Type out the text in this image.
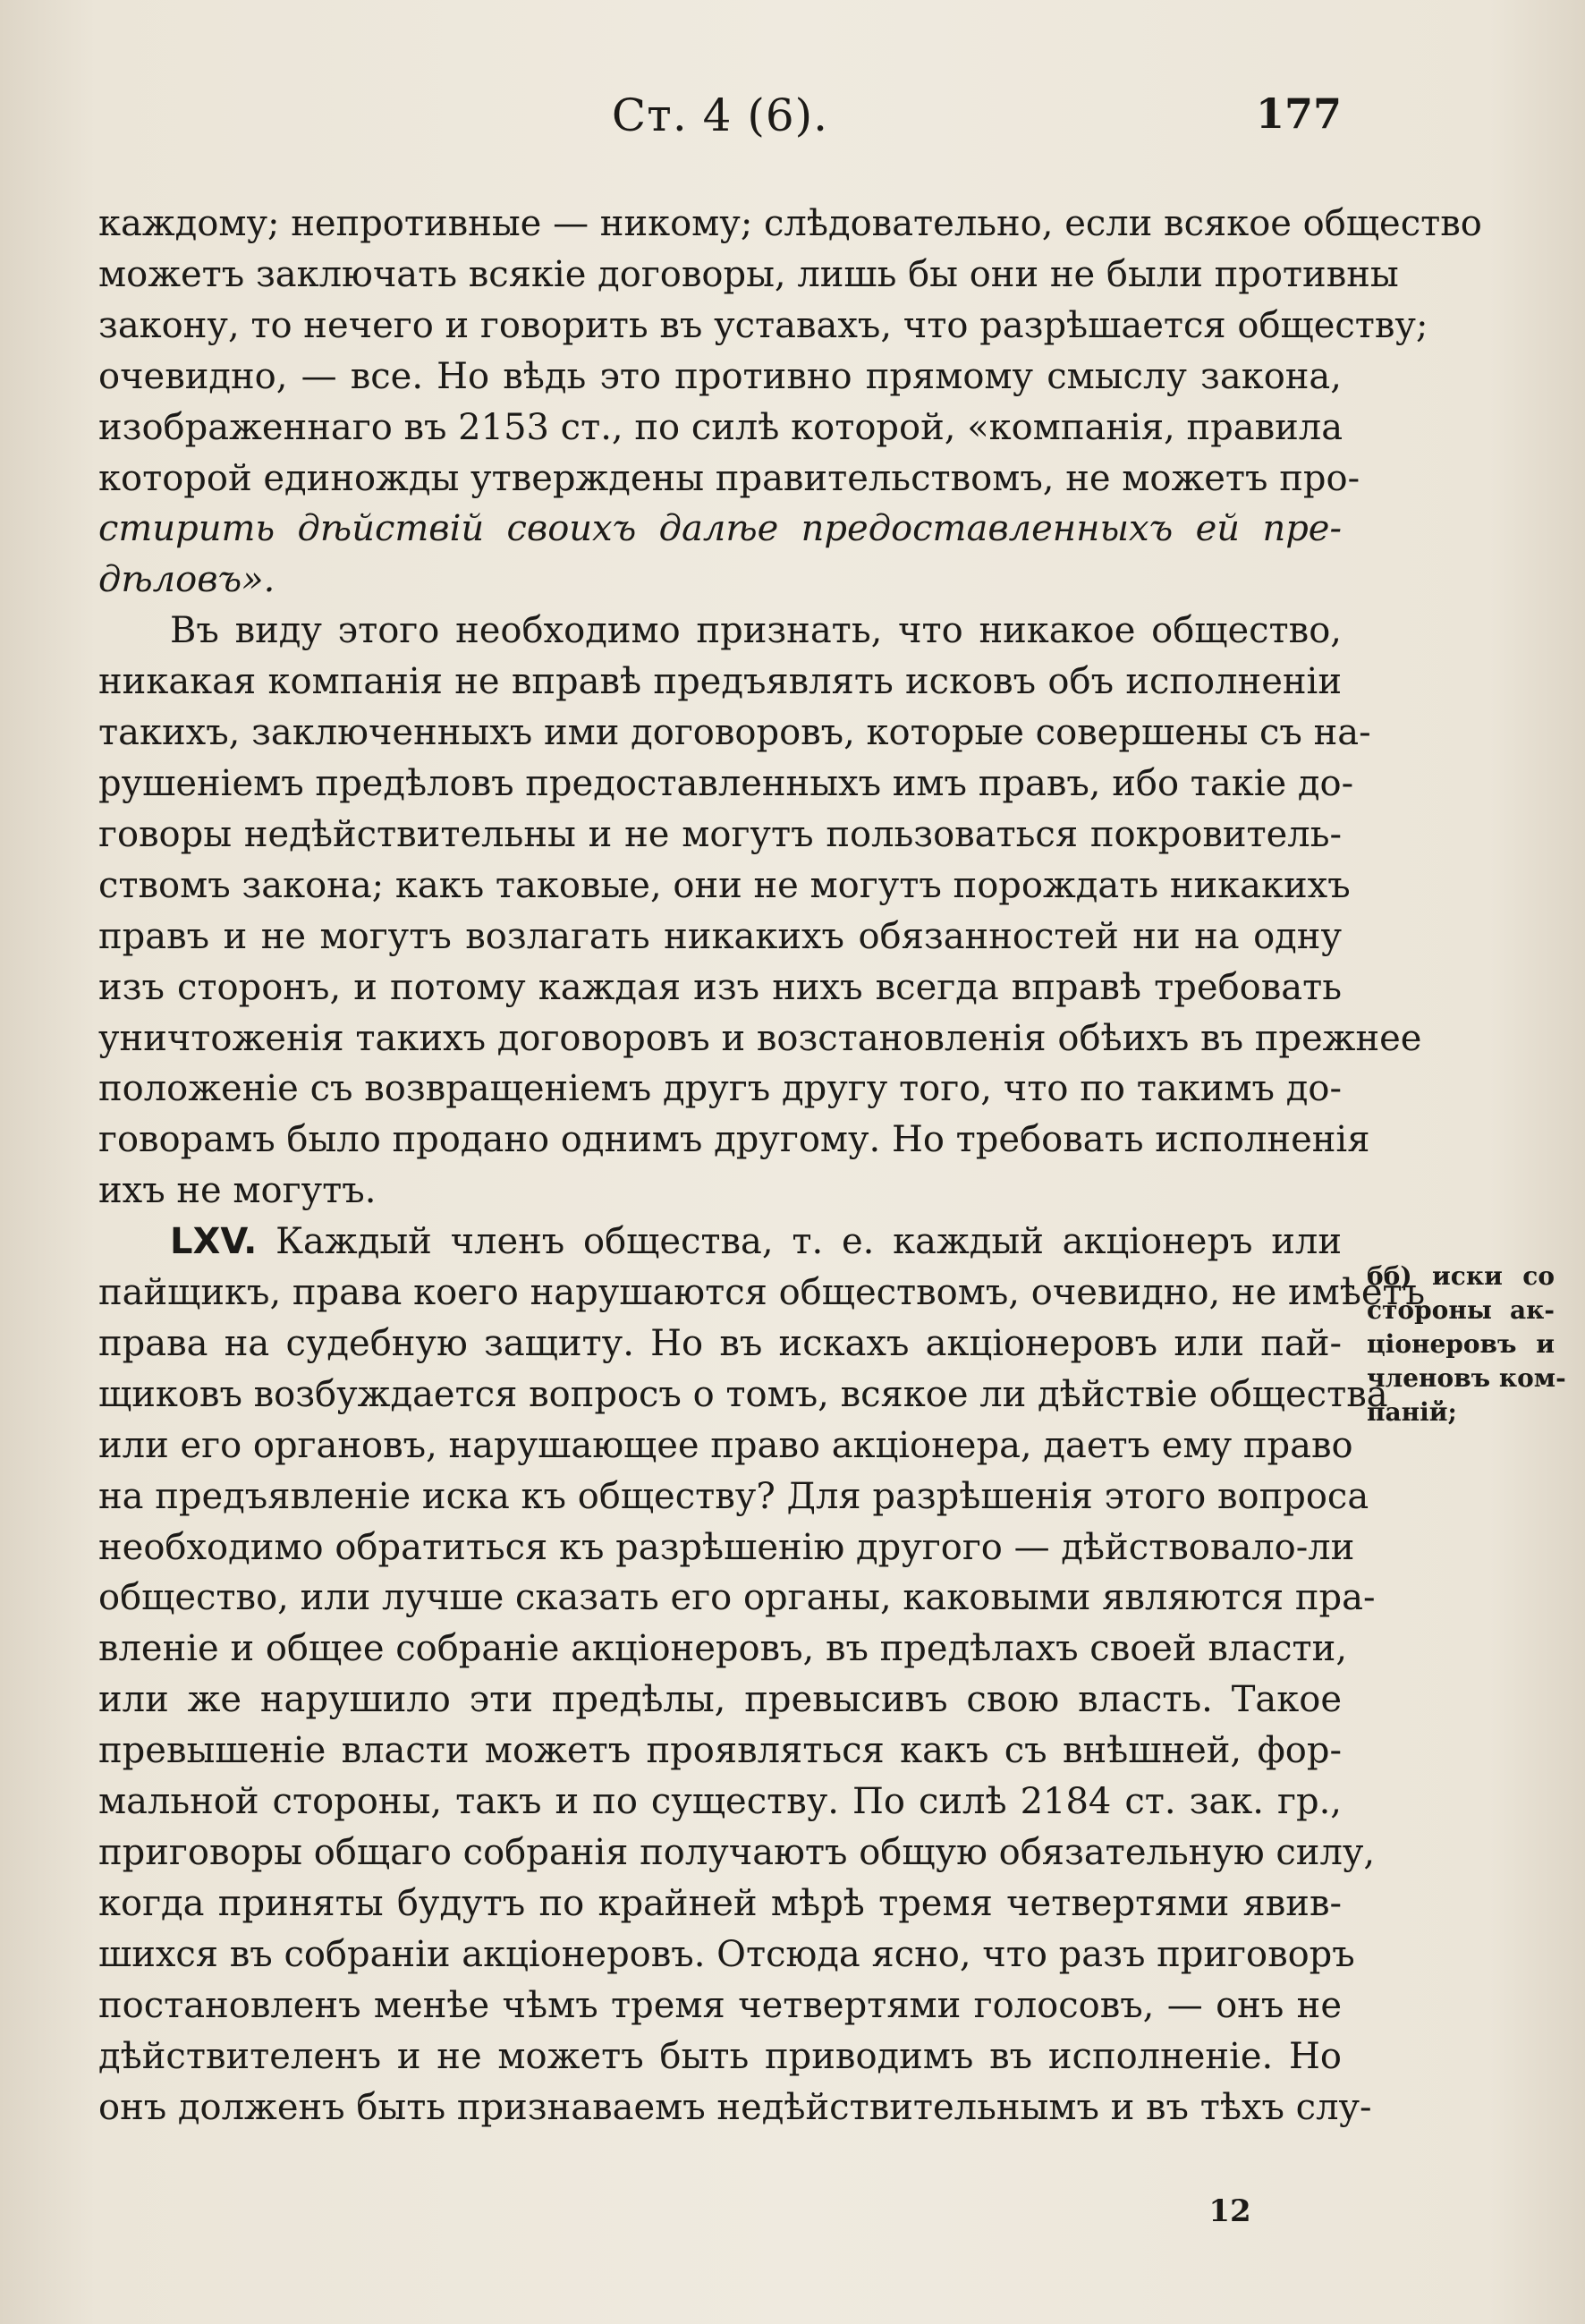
Ст. 4 (6).	177
каждому; непротивные — никому; слѣдовательно, если всякое общество
можетъ заключать всякіе договоры, лишь бы они не были противны
закону, то нечего и говорить въ уставахъ, что разрѣшается обществу;
очевидно, — все. Но вѣдь это противно прямому смыслу закона,
изображеннаго въ 2153 ст., по силѣ которой, «компанія, правила
которой единожды утверждены правительствомъ, не можетъ про-
стирить дѣйствій своихъ далѣе предоставленныхъ ей пре-
дѣловъ».
Въ виду этого необходимо признать, что никакое общество,
никакая компанія не вправѣ предъявлять исковъ объ исполненіи
такихъ, заключенныхъ ими договоровъ, которые совершены съ на-
рушеніемъ предѣловъ предоставленныхъ имъ правъ, ибо такіе до-
говоры недѣйствительны и не могутъ пользоваться покровитель-
ствомъ закона; какъ таковые, они не могутъ порождать никакихъ
правъ и не могутъ возлагать никакихъ обязанностей ни на одну
изъ сторонъ, и потому каждая изъ нихъ всегда вправѣ требовать
уничтоженія такихъ договоровъ и возстановленія обѣихъ въ прежнее
положеніе съ возвращеніемъ другъ другу того, что по такимъ до-
говорамъ было продано однимъ другому. Но требовать исполненія
ихъ не могутъ.
LXV. Каждый членъ общества, т. е. каждый акціонеръ или
пайщикъ, права коего нарушаются обществомъ, очевидно, не имѣетъ
права на судебную защиту. Но въ искахъ акціонеровъ или пай-
щиковъ возбуждается вопросъ о томъ, всякое ли дѣйствіе общества
или его органовъ, нарушающее право акціонера, даетъ ему право
на предъявленіе иска къ обществу? Для разрѣшенія этого вопроса
необходимо обратиться къ разрѣшенію другого — дѣйствовало-ли
общество, или лучше сказать его органы, каковыми являются пра-
вленіе и общее собраніе акціонеровъ, въ предѣлахъ своей власти,
или же нарушило эти предѣлы, превысивъ свою власть. Такое
превышеніе власти можетъ проявляться какъ съ внѣшней, фор-
мальной стороны, такъ и по существу. По силѣ 2184 ст. зак. гр.,
приговоры общаго собранія получаютъ общую обязательную силу,
когда приняты будутъ по крайней мѣрѣ тремя четвертями явив-
шихся въ собраніи акціонеровъ. Отсюда ясно, что разъ приговоръ
постановленъ менѣе чѣмъ тремя четвертями голосовъ, — онъ не
дѣйствителенъ и не можетъ быть приводимъ въ исполненіе. Но
онъ долженъ быть признаваемъ недѣйствительнымъ и въ тѣхъ слу-
бб) иски со
стороны ак-
ціонеровъ и
членовъ ком-
паній;
12
